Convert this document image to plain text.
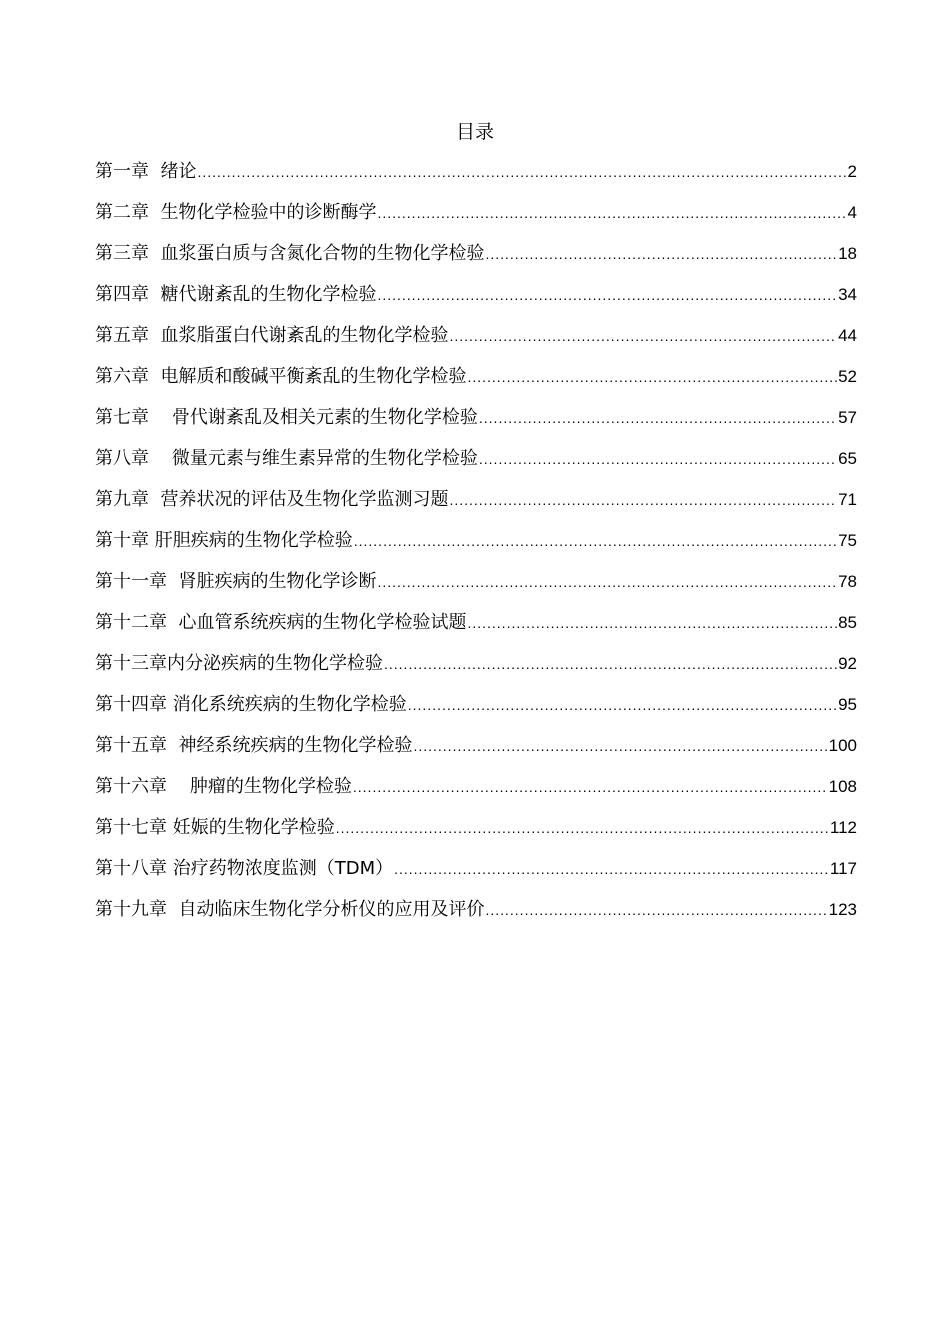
目录
第一章  绪论 .....	2
第二章  生物化学检验中的诊断酶学 .....	4
第三章  血浆蛋白质与含氮化合物的生物化学检验 .....	18
第四章  糖代谢紊乱的生物化学检验 .....	34
第五章  血浆脂蛋白代谢紊乱的生物化学检验 .....	44
第六章  电解质和酸碱平衡紊乱的生物化学检验 .....	52
第七章    骨代谢紊乱及相关元素的生物化学检验 .....	57
第八章    微量元素与维生素异常的生物化学检验 .....	65
第九章  营养状况的评估及生物化学监测习题 .....	71
第十章 肝胆疾病的生物化学检验 .....	75
第十一章  肾脏疾病的生物化学诊断 .....	78
第十二章  心血管系统疾病的生物化学检验试题 .....	85
第十三章内分泌疾病的生物化学检验 .....	92
第十四章 消化系统疾病的生物化学检验 .....	95
第十五章  神经系统疾病的生物化学检验 .....	100
第十六章    肿瘤的生物化学检验 .....	108
第十七章 妊娠的生物化学检验 .....	112
第十八章 治疗药物浓度监测（TDM） .....	117
第十九章  自动临床生物化学分析仪的应用及评价 .....	123
